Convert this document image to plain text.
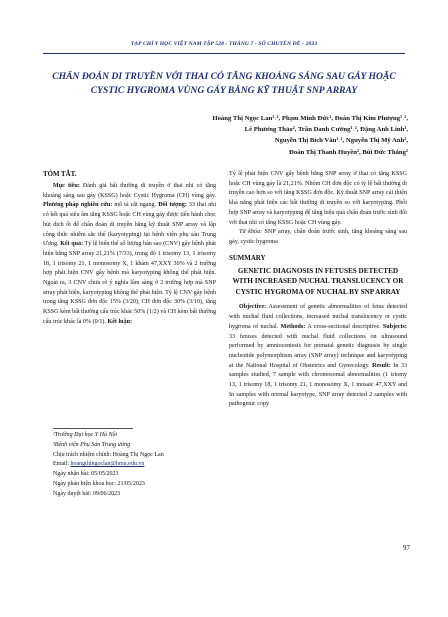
TẠP CHÍ Y HỌC VIỆT NAM TẬP 528 - THÁNG 7 - SỐ CHUYÊN ĐỀ - 2023
CHẨN ĐOÁN DI TRUYỀN VỚI THAI CÓ TĂNG KHOẢNG SÁNG SAU GÁY HOẶC CYSTIC HYGROMA VÙNG GÁY BẰNG KỸ THUẬT SNP ARRAY
Hoàng Thị Ngọc Lan¹˒², Phạm Minh Đức¹, Đoàn Thị Kim Phượng¹˒²,
Lê Phương Thảo², Trần Danh Cường¹˒², Đặng Anh Linh²,
Nguyễn Thị Bích Vân¹˒², Nguyễn Thị Mỹ Anh²,
Đoàn Thị Thanh Huyền², Bùi Đức Thắng²
TÓM TẮT.

Mục tiêu: Đánh giá bất thường di truyền ở thai nhi có tăng khoảng sáng sau gáy (KSSG) hoặc Cystic Hygroma (CH) vùng gáy. Phương pháp nghiên cứu: mô tả cắt ngang. Đối tượng: 33 thai nhi có kết quả siêu âm tăng KSSG hoặc CH vùng gáy được tiến hành chọc hút dịch ối để chẩn đoán di truyền bằng kỹ thuật SNP array và lập công thức nhiễm sắc thể (karyotyping) tại bệnh viện phụ sản Trung Ương. Kết quả: Tỷ lệ biến thể số lượng bản sao (CNV) gây bệnh phát hiện bằng SNP array 21,21% (7/33), trong đó 1 trisomy 13, 1 trisomy 18, 1 trisomy 21, 1 monosomy X, 1 khảm 47,XXY 30% và 2 trường hợp phát hiện CNV gây bệnh mà karyotyping không thể phát hiện. Ngoài ra, 3 CNV chưa rõ ý nghĩa lâm sàng ở 2 trường hợp mà SNP array phát hiện, karyotyping không thể phát hiện. Tỷ lệ CNV gây bệnh trong tăng KSSG đơn độc 15% (3/20), CH đơn độc 30% (3/10), tăng KSSG kèm bất thường cấu trúc khác 50% (1/2) và CH kèm bất thường cấu trúc khác là 0% (0/1). Kết luận:

¹Trường Đại học Y Hà Nội
²Bệnh viện Phụ Sản Trung ương
Chịu trách nhiệm chính: Hoàng Thị Ngọc Lan
Email: hoangthingoclan@hmu.edu.vn
Ngày nhận bài: 05/05/2023
Ngày phản biện khoa học: 21/05/2023
Ngày duyệt bài: 09/06/2023

Tỷ lệ phát hiện CNV gây bệnh bằng SNP array ở thai có tăng KSSG hoặc CH vùng gáy là 21,21%. Nhóm CH đơn độc có tỷ lệ bất thường di truyền cao hơn so với tăng KSSG đơn độc. Kỹ thuật SNP array cải thiện khả năng phát hiện các bất thường di truyền so với karyotyping. Phối hợp SNP array và karyotyping để tăng hiệu quả chẩn đoán trước sinh đối với thai nhi có tăng KSSG hoặc CH vùng gáy.

Từ khóa: SNP array, chẩn đoán trước sinh, tăng khoảng sáng sau gáy, cystic hygroma

SUMMARY
GENETIC DIAGNOSIS IN FETUSES DETECTED WITH INCREASED NUCHAL TRANSLUCENCY OR CYSTIC HYGROMA OF NUCHAL BY SNP ARRAY

Objective: Assessment of genetic abnormalities of fetus detected with nuchal fluid collections, increased nuchal translucency or cystic hygroma of nuchal. Methods: A cross-sectional descriptive. Subjects: 33 fetuses detected with nuchal fluid collections on ultrasound performed by amniocentesis for prenatal genetic diagnosis by single nucleotide polymorphism array (SNP array) technique and karyotyping at the National Hospital of Obstetrics and Gynecology. Result: In 33 samples studied, 7 sample with chromosomal abnormalities (1 triomy 13, 1 trisomy 18, 1 trisomy 21, 1 monosomy X, 1 mosaic 47,XXY and In samples with normal karyotype, SNP array detected 2 samples with pathogenic copy

97
